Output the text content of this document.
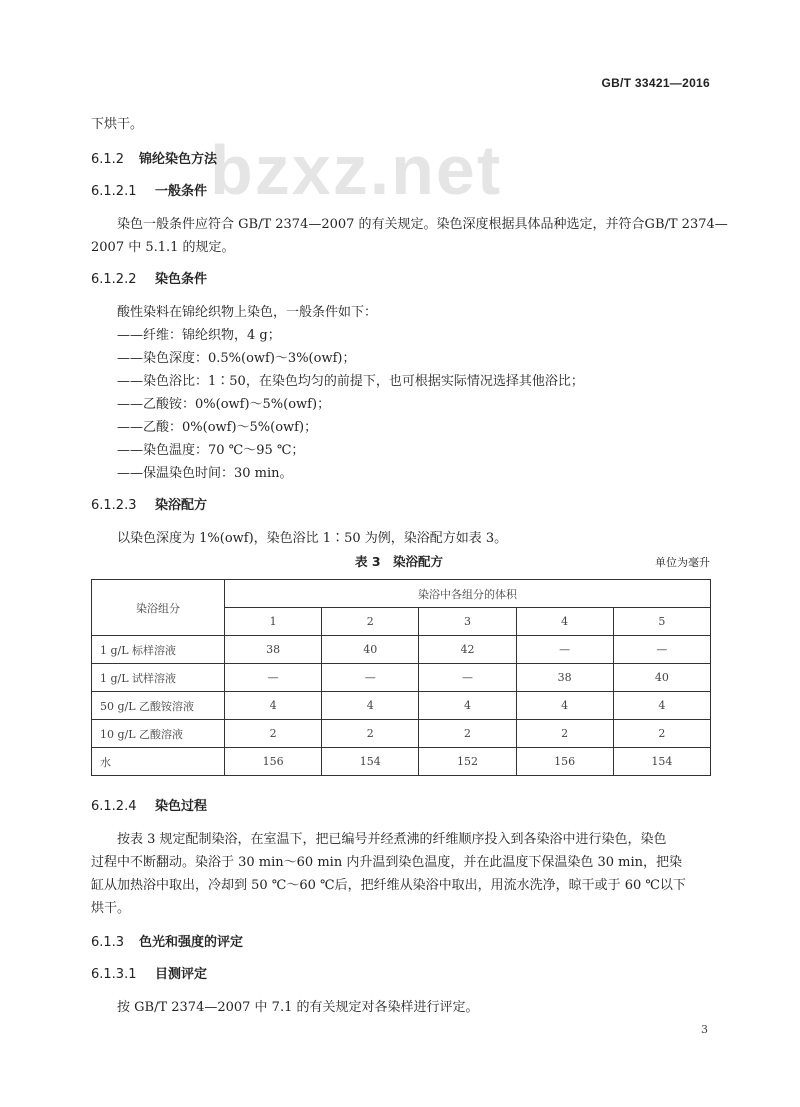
GB/T 33421—2016
bzxz.net
下烘干。
6.1.2 锦纶染色方法
6.1.2.1 一般条件
染色一般条件应符合 GB/T 2374—2007 的有关规定。染色深度根据具体品种选定，并符合GB/T 2374—
2007 中 5.1.1 的规定。
6.1.2.2 染色条件
酸性染料在锦纶织物上染色，一般条件如下：
——纤维：锦纶织物，4 g；
——染色深度：0.5%(owf)～3%(owf)；
——染色浴比：1∶50，在染色均匀的前提下，也可根据实际情况选择其他浴比；
——乙酸铵：0%(owf)～5%(owf)；
——乙酸：0%(owf)～5%(owf)；
——染色温度：70 ℃～95 ℃；
——保温染色时间：30 min。
6.1.2.3 染浴配方
以染色深度为 1%(owf)，染色浴比 1∶50 为例，染浴配方如表 3。
表 3　染浴配方	单位为毫升
染浴组分	染浴中各组分的体积				
	1	2	3	4	5
1 g/L 标样溶液	38	40	42	—	—
1 g/L 试样溶液	—	—	—	38	40
50 g/L 乙酸铵溶液	4	4	4	4	4
10 g/L 乙酸溶液	2	2	2	2	2
水	156	154	152	156	154
6.1.2.4 染色过程
按表 3 规定配制染浴，在室温下，把已编号并经煮沸的纤维顺序投入到各染浴中进行染色，染色
过程中不断翻动。染浴于 30 min～60 min 内升温到染色温度，并在此温度下保温染色 30 min，把染
缸从加热浴中取出，冷却到 50 ℃～60 ℃后，把纤维从染浴中取出，用流水洗净，晾干或于 60 ℃以下
烘干。
6.1.3 色光和强度的评定
6.1.3.1 目测评定
按 GB/T 2374—2007 中 7.1 的有关规定对各染样进行评定。
3
